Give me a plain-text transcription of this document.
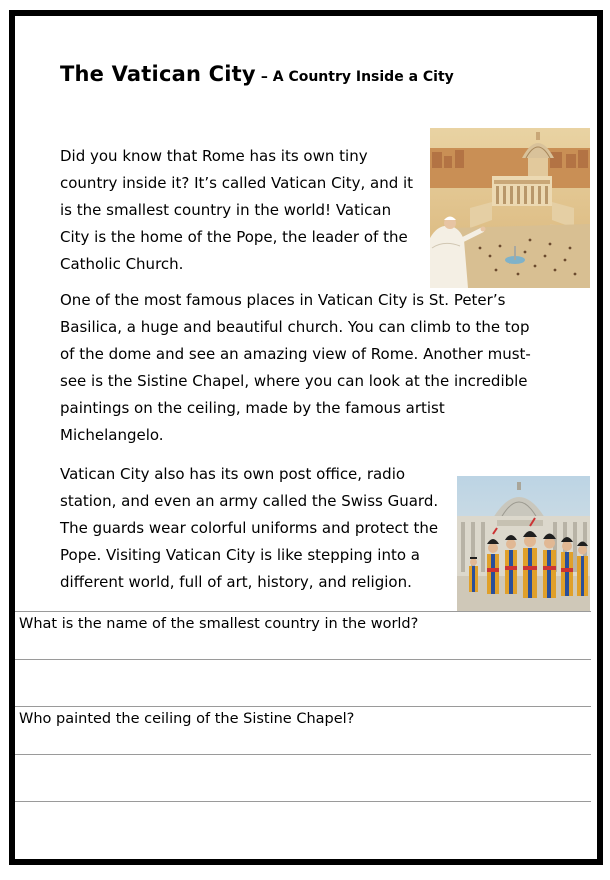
The Vatican City – A Country Inside a City

Did you know that Rome has its own tiny country inside it? It’s called Vatican City, and it is the smallest country in the world! Vatican City is the home of the Pope, the leader of the Catholic Church.

One of the most famous places in Vatican City is St. Peter’s Basilica, a huge and beautiful church. You can climb to the top of the dome and see an amazing view of Rome. Another must-see is the Sistine Chapel, where you can look at the incredible paintings on the ceiling, made by the famous artist Michelangelo.

Vatican City also has its own post office, radio station, and even an army called the Swiss Guard. The guards wear colorful uniforms and protect the Pope. Visiting Vatican City is like stepping into a different world, full of art, history, and religion.

What is the name of the smallest country in the world?
Who painted the ceiling of the Sistine Chapel?
